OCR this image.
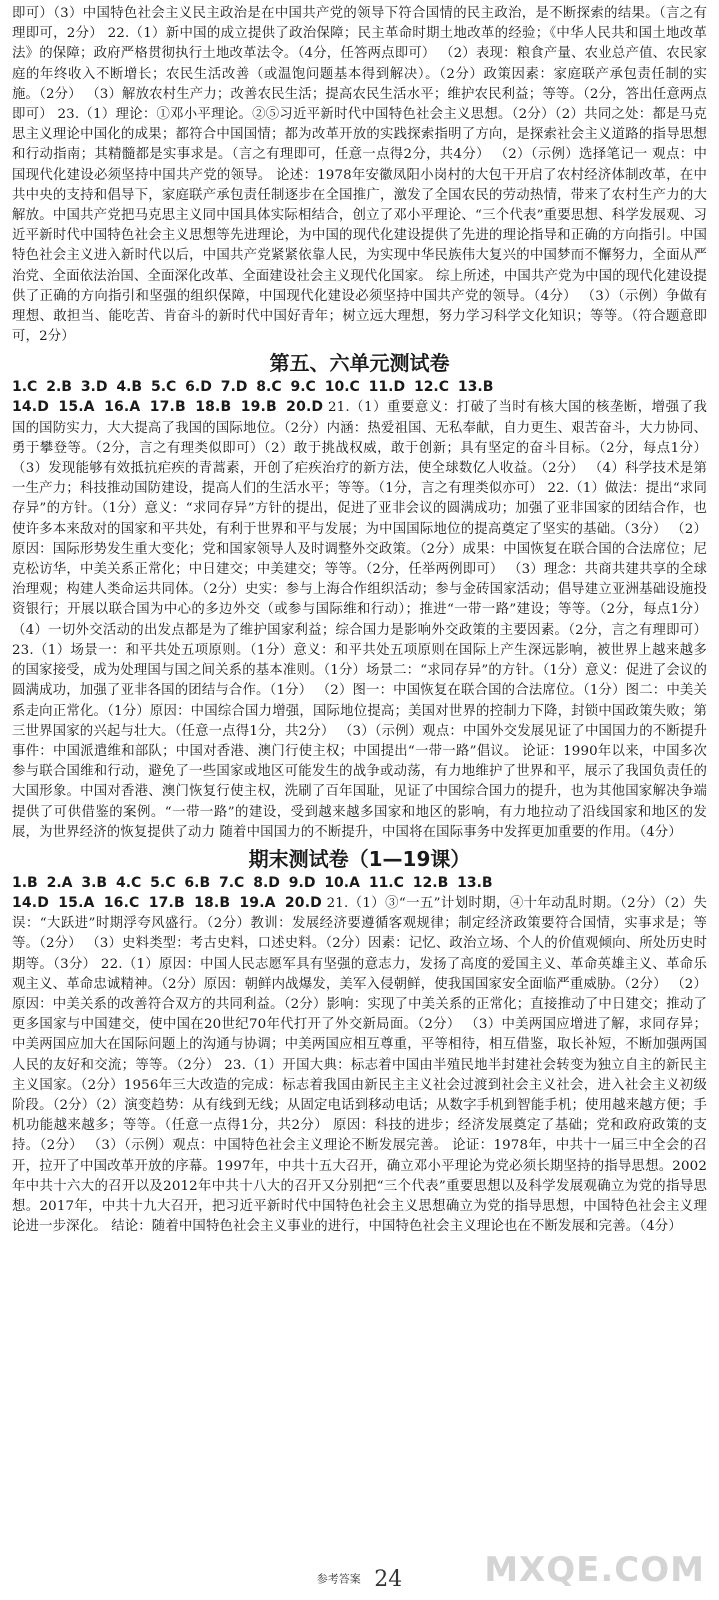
即可）（3）中国特色社会主义民主政治是在中国共产党的领导下符合国情的民主政治，是不断探索的结果。（言之有理即可，2分） 22.（1）新中国的成立提供了政治保障；民主革命时期土地改革的经验；《中华人民共和国土地改革法》的保障；政府严格贯彻执行土地改革法令。（4分，任答两点即可） （2）表现：粮食产量、农业总产值、农民家庭的年终收入不断增长；农民生活改善（或温饱问题基本得到解决）。（2分）政策因素：家庭联产承包责任制的实施。（2分） （3）解放农村生产力；改善农民生活；提高农民生活水平；维护农民利益；等等。（2分，答出任意两点即可） 23.（1）理论：①邓小平理论。②⑤习近平新时代中国特色社会主义思想。（2分）（2）共同之处：都是马克思主义理论中国化的成果；都符合中国国情；都为改革开放的实践探索指明了方向，是探索社会主义道路的指导思想和行动指南；其精髓都是实事求是。（言之有理即可，任意一点得2分，共4分） （2）（示例）选择笔记一 观点：中国现代化建设必须坚持中国共产党的领导。 论述：1978年安徽凤阳小岗村的大包干开启了农村经济体制改革，在中共中央的支持和倡导下，家庭联产承包责任制逐步在全国推广，激发了全国农民的劳动热情，带来了农村生产力的大解放。中国共产党把马克思主义同中国具体实际相结合，创立了邓小平理论、“三个代表”重要思想、科学发展观、习近平新时代中国特色社会主义思想等先进理论，为中国的现代化建设提供了先进的理论指导和正确的方向指引。中国特色社会主义进入新时代以后，中国共产党紧紧依靠人民，为实现中华民族伟大复兴的中国梦而不懈努力，全面从严治党、全面依法治国、全面深化改革、全面建设社会主义现代化国家。 综上所述，中国共产党为中国的现代化建设提供了正确的方向指引和坚强的组织保障，中国现代化建设必须坚持中国共产党的领导。（4分） （3）（示例）争做有理想、敢担当、能吃苦、肯奋斗的新时代中国好青年；树立远大理想，努力学习科学文化知识；等等。（符合题意即可，2分）

第五、六单元测试卷

1.C 2.B 3.D 4.B 5.C 6.D 7.D 8.C 9.C 10.C 11.D 12.C 13.B

14.D 15.A 16.A 17.B 18.B 19.B 20.D 21.（1）重要意义：打破了当时有核大国的核垄断，增强了我国的国防实力，大大提高了我国的国际地位。（2分）内涵：热爱祖国、无私奉献，自力更生、艰苦奋斗，大力协同、勇于攀登等。（2分，言之有理类似即可）（2）敢于挑战权威，敢于创新；具有坚定的奋斗目标。（2分，每点1分） （3）发现能够有效抵抗疟疾的青蒿素，开创了疟疾治疗的新方法，使全球数亿人收益。（2分） （4）科学技术是第一生产力；科技推动国防建设，提高人们的生活水平；等等。（1分，言之有理类似亦可） 22.（1）做法：提出“求同存异”的方针。（1分）意义：“求同存异”方针的提出，促进了亚非会议的圆满成功；加强了亚非国家的团结合作，也使许多本来敌对的国家和平共处，有利于世界和平与发展；为中国国际地位的提高奠定了坚实的基础。（3分） （2）原因：国际形势发生重大变化；党和国家领导人及时调整外交政策。（2分）成果：中国恢复在联合国的合法席位；尼克松访华，中美关系正常化；中日建交；中美建交；等等。（2分，任举两例即可） （3）理念：共商共建共享的全球治理观；构建人类命运共同体。（2分）史实：参与上海合作组织活动；参与金砖国家活动；倡导建立亚洲基础设施投资银行；开展以联合国为中心的多边外交（或参与国际维和行动）；推进“一带一路”建设；等等。（2分，每点1分） （4）一切外交活动的出发点都是为了维护国家利益；综合国力是影响外交政策的主要因素。（2分，言之有理即可） 23.（1）场景一：和平共处五项原则。（1分）意义：和平共处五项原则在国际上产生深远影响，被世界上越来越多的国家接受，成为处理国与国之间关系的基本准则。（1分）场景二：“求同存异”的方针。（1分）意义：促进了会议的圆满成功，加强了亚非各国的团结与合作。（1分） （2）图一：中国恢复在联合国的合法席位。（1分）图二：中美关系走向正常化。（1分）原因：中国综合国力增强，国际地位提高；美国对世界的控制力下降，封锁中国政策失败；第三世界国家的兴起与壮大。（任意一点得1分，共2分） （3）（示例）观点：中国外交发展见证了中国国力的不断提升 事件：中国派遣维和部队；中国对香港、澳门行使主权；中国提出“一带一路”倡议。 论证：1990年以来，中国多次参与联合国维和行动，避免了一些国家或地区可能发生的战争或动荡，有力地维护了世界和平，展示了我国负责任的大国形象。中国对香港、澳门恢复行使主权，洗刷了百年国耻，见证了中国综合国力的提升，也为其他国家解决争端提供了可供借鉴的案例。“一带一路”的建设，受到越来越多国家和地区的影响，有力地拉动了沿线国家和地区的发展，为世界经济的恢复提供了动力 随着中国国力的不断提升，中国将在国际事务中发挥更加重要的作用。（4分）

期末测试卷（1—19课）

1.B 2.A 3.B 4.C 5.C 6.B 7.C 8.D 9.D 10.A 11.C 12.B 13.B

14.D 15.A 16.C 17.B 18.B 19.A 20.D 21.（1）③“一五”计划时期，④十年动乱时期。（2分）（2）失误：“大跃进”时期浮夸风盛行。（2分）教训：发展经济要遵循客观规律；制定经济政策要符合国情，实事求是；等等。（2分） （3）史料类型：考古史料，口述史料。（2分）因素：记忆、政治立场、个人的价值观倾向、所处历史时期等。（3分） 22.（1）原因：中国人民志愿军具有坚强的意志力，发扬了高度的爱国主义、革命英雄主义、革命乐观主义、革命忠诚精神。（2分）原因：朝鲜内战爆发，美军入侵朝鲜，使我国国家安全面临严重威胁。（2分） （2）原因：中美关系的改善符合双方的共同利益。（2分）影响：实现了中美关系的正常化；直接推动了中日建交；推动了更多国家与中国建交，使中国在20世纪70年代打开了外交新局面。（2分） （3）中美两国应增进了解，求同存异；中美两国应加大在国际问题上的沟通与协调；中美两国应相互尊重，平等相待，相互借鉴，取长补短，不断加强两国人民的友好和交流；等等。（2分） 23.（1）开国大典：标志着中国由半殖民地半封建社会转变为独立自主的新民主主义国家。（2分）1956年三大改造的完成：标志着我国由新民主主义社会过渡到社会主义社会，进入社会主义初级阶段。（2分）（2）演变趋势：从有线到无线；从固定电话到移动电话；从数字手机到智能手机；使用越来越方便；手机功能越来越多；等等。（任意一点得1分，共2分） 原因：科技的进步；经济发展奠定了基础；党和政府政策的支持。（2分） （3）（示例）观点：中国特色社会主义理论不断发展完善。 论证：1978年，中共十一届三中全会的召开，拉开了中国改革开放的序幕。1997年，中共十五大召开，确立邓小平理论为党必须长期坚持的指导思想。2002年中共十六大的召开以及2012年中共十八大的召开又分别把“三个代表”重要思想以及科学发展观确立为党的指导思想。2017年，中共十九大召开，把习近平新时代中国特色社会主义思想确立为党的指导思想，中国特色社会主义理论进一步深化。 结论：随着中国特色社会主义事业的进行，中国特色社会主义理论也在不断发展和完善。（4分）

参考答案 24	MXQE.COM
